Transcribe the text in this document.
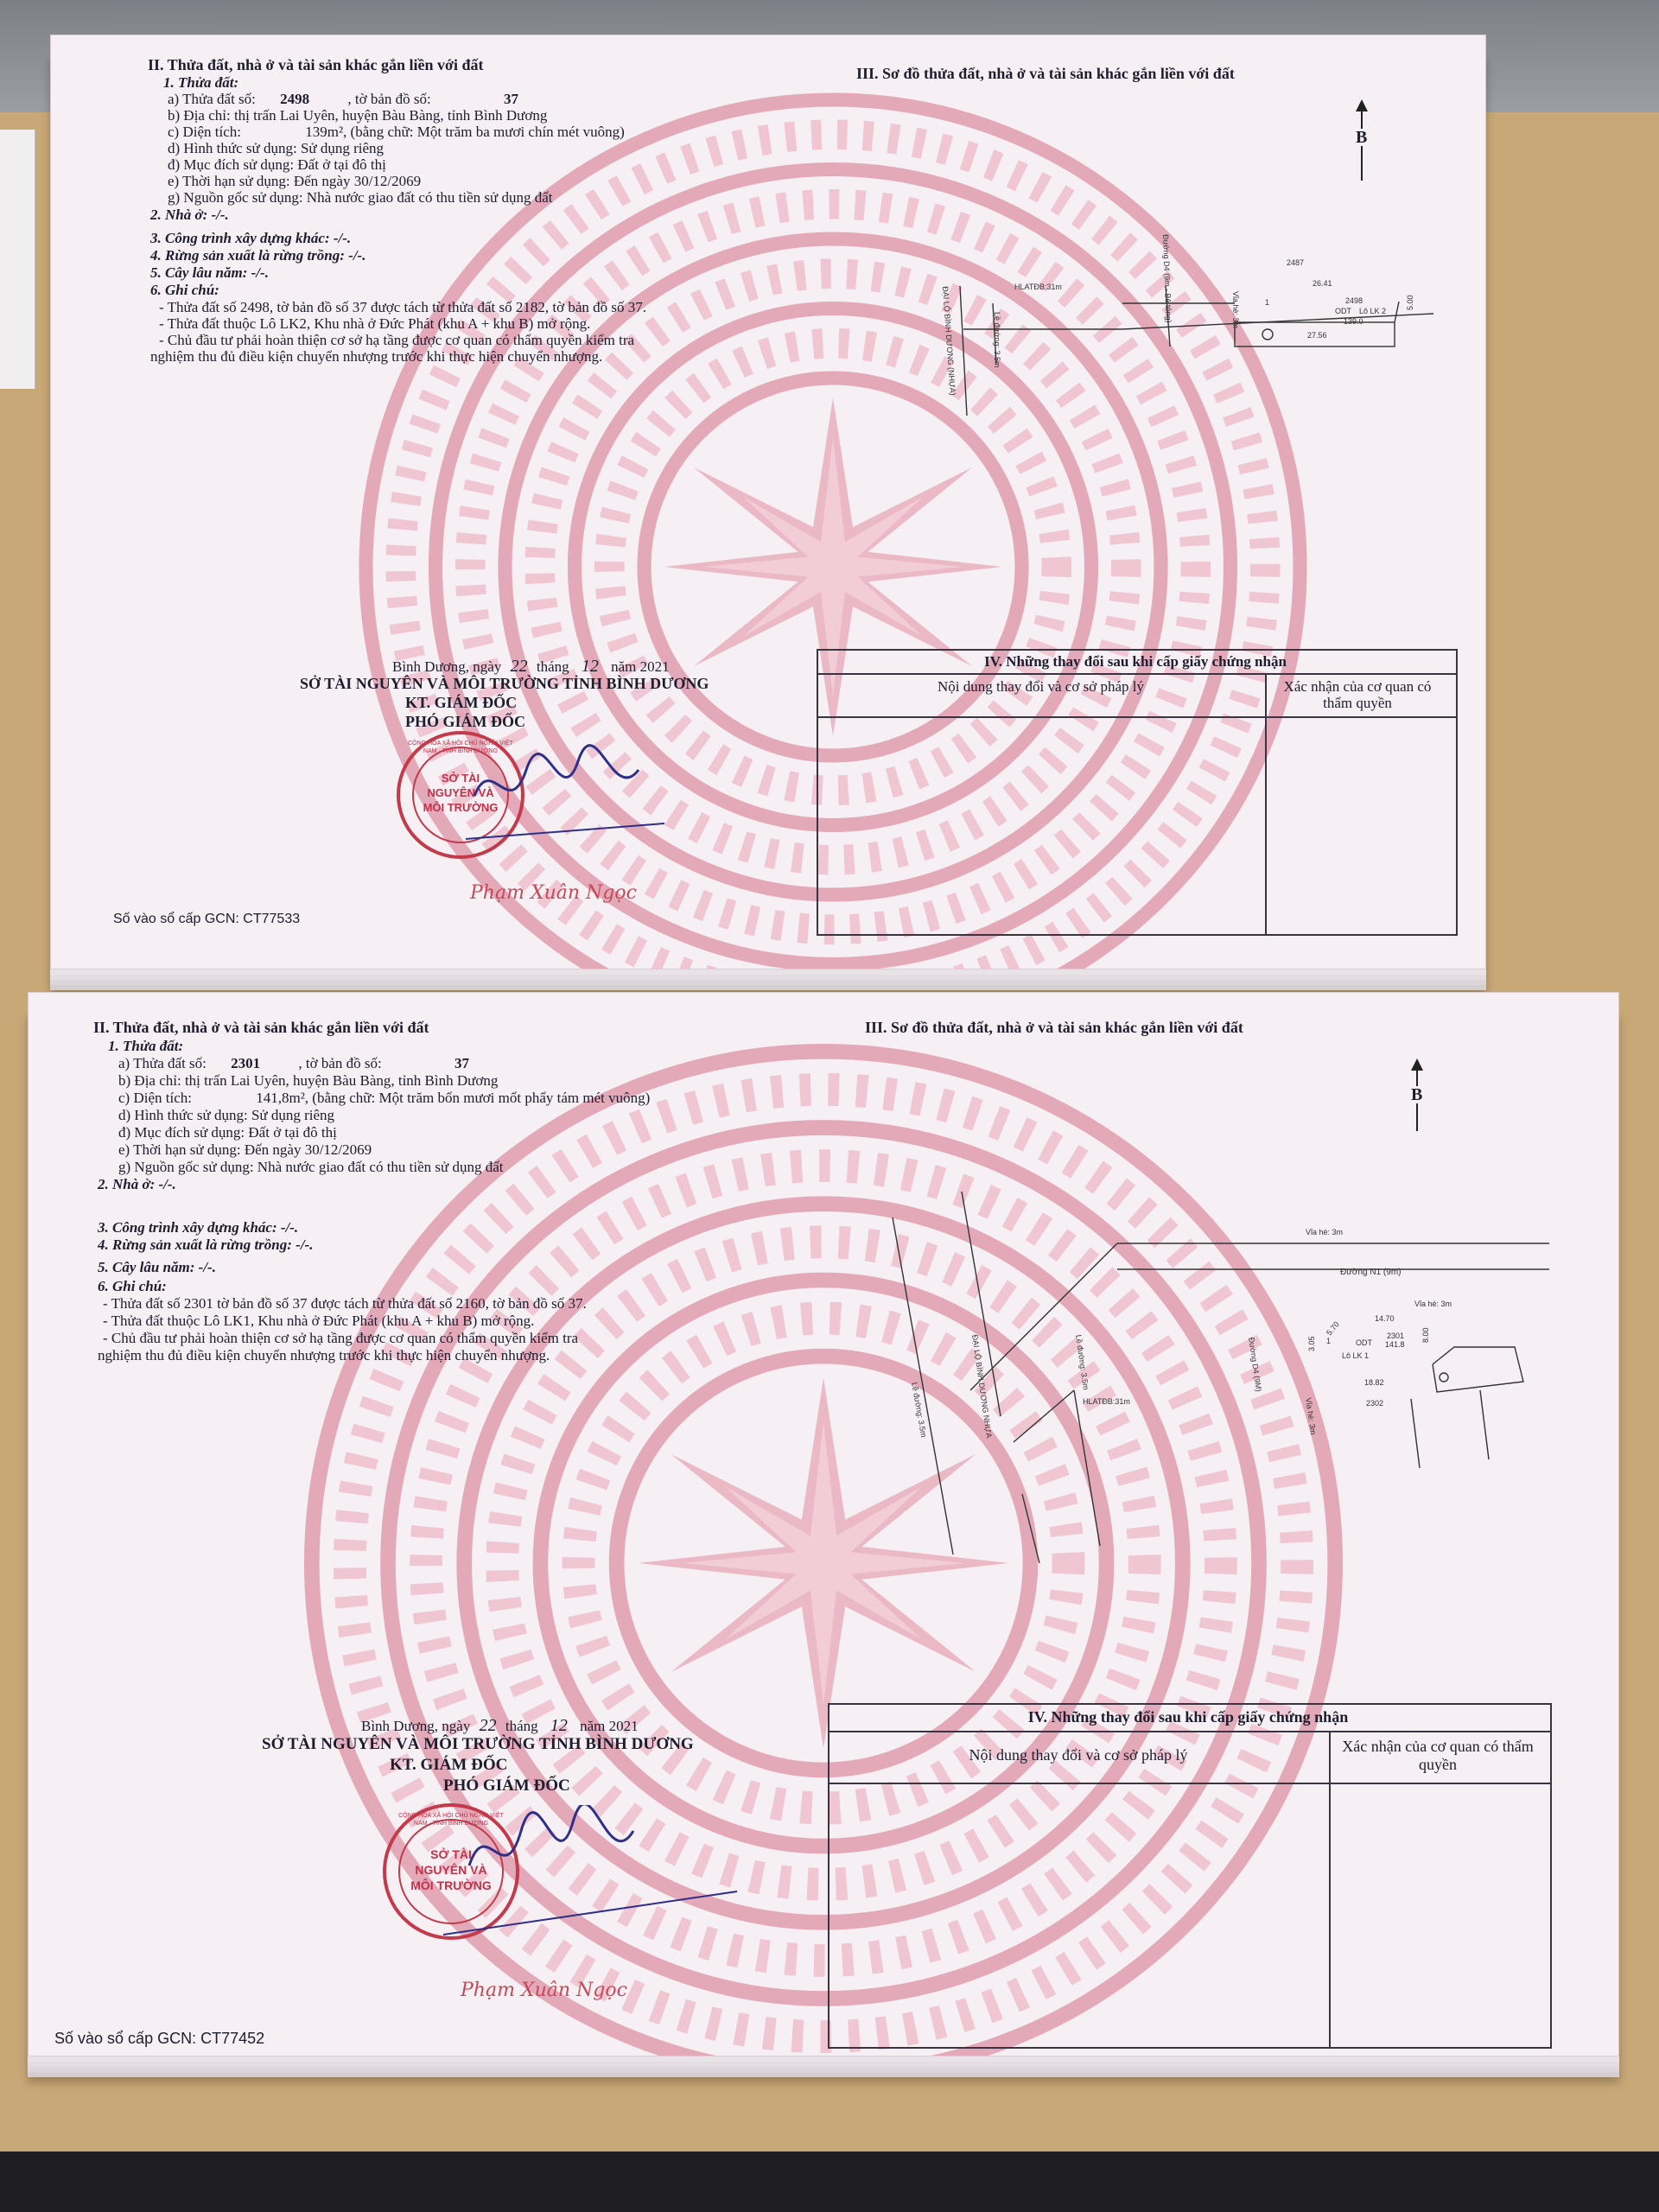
II. Thửa đất, nhà ở và tài sản khác gắn liền với đất
1. Thửa đất:
a) Thửa đất số: 2498	, tờ bản đồ số:	37
b) Địa chỉ: thị trấn Lai Uyên, huyện Bàu Bàng, tỉnh Bình Dương
c) Diện tích:	139m², (bằng chữ: Một trăm ba mươi chín mét vuông)
d) Hình thức sử dụng: Sử dụng riêng
đ) Mục đích sử dụng: Đất ở tại đô thị
e) Thời hạn sử dụng: Đến ngày 30/12/2069
g) Nguồn gốc sử dụng: Nhà nước giao đất có thu tiền sử dụng đất
2. Nhà ở: -/-.
3. Công trình xây dựng khác: -/-.
4. Rừng sản xuất là rừng trồng: -/-.
5. Cây lâu năm: -/-.
6. Ghi chú:
- Thửa đất số 2498, tờ bản đồ số 37 được tách từ thửa đất số 2182, tờ bản đồ số 37.
- Thửa đất thuộc Lô LK2, Khu nhà ở Đức Phát (khu A + khu B) mở rộng.
- Chủ đầu tư phải hoàn thiện cơ sở hạ tầng được cơ quan có thẩm quyền kiểm tra
nghiệm thu đủ điều kiện chuyển nhượng trước khi thực hiện chuyển nhượng.
III. Sơ đồ thửa đất, nhà ở và tài sản khác gắn liền với đất
B
ĐẠI LỘ BÌNH DƯƠNG (NHỰA)	HLATĐB:31m	Đường D4 (9m - Bê tông)	2487
26.41
2498
ODT Lô LK 2
139.0
5.00
27.56
Vỉa hè: 3m
Lề đường: 3.5m
1
Bình Dương, ngày 22 tháng 12 năm 2021
SỞ TÀI NGUYÊN VÀ MÔI TRƯỜNG TỈNH BÌNH DƯƠNG
KT. GIÁM ĐỐC
PHÓ GIÁM ĐỐC
CỘNG HÒA XÃ HỘI CHỦ NGHĨA VIỆT NAM · TỈNH BÌNH DƯƠNG
SỞ TÀI NGUYÊN VÀ MÔI TRƯỜNG
Phạm Xuân Ngọc
Số vào sổ cấp GCN: CT77533
IV. Những thay đổi sau khi cấp giấy chứng nhận
Nội dung thay đổi và cơ sở pháp lý	Xác nhận của cơ quan có thẩm quyền
II. Thửa đất, nhà ở và tài sản khác gắn liền với đất
1. Thửa đất:
a) Thửa đất số: 2301	, tờ bản đồ số:	37
b) Địa chỉ: thị trấn Lai Uyên, huyện Bàu Bàng, tỉnh Bình Dương
c) Diện tích:	141,8m², (bằng chữ: Một trăm bốn mươi mốt phẩy tám mét vuông)
d) Hình thức sử dụng: Sử dụng riêng
đ) Mục đích sử dụng: Đất ở tại đô thị
e) Thời hạn sử dụng: Đến ngày 30/12/2069
g) Nguồn gốc sử dụng: Nhà nước giao đất có thu tiền sử dụng đất
2. Nhà ở: -/-.
3. Công trình xây dựng khác: -/-.
4. Rừng sản xuất là rừng trồng: -/-.
5. Cây lâu năm: -/-.
6. Ghi chú:
- Thửa đất số 2301 tờ bản đồ số 37 được tách từ thửa đất số 2160, tờ bản đồ số 37.
- Thửa đất thuộc Lô LK1, Khu nhà ở Đức Phát (khu A + khu B) mở rộng.
- Chủ đầu tư phải hoàn thiện cơ sở hạ tầng được cơ quan có thẩm quyền kiểm tra
nghiệm thu đủ điều kiện chuyển nhượng trước khi thực hiện chuyển nhượng.
III. Sơ đồ thửa đất, nhà ở và tài sản khác gắn liền với đất
B
ĐẠI LỘ BÌNH DƯƠNG NHỰA
Lề đường: 3.5m
Lề đường: 3.5m
HLATĐB:31m
Vỉa hè: 3m
Đường N1 (9m)
Vỉa hè: 3m
14.70
5.70	2301
ODT 141.8
Lô LK 1
8.00
3.05
18.82
2302
Đường D4 (9M)
Vỉa hè: 3m
1
Bình Dương, ngày 22 tháng 12 năm 2021
SỞ TÀI NGUYÊN VÀ MÔI TRƯỜNG TỈNH BÌNH DƯƠNG
KT. GIÁM ĐỐC
PHÓ GIÁM ĐỐC
CỘNG HÒA XÃ HỘI CHỦ NGHĨA VIỆT NAM · TỈNH BÌNH DƯƠNG
SỞ TÀI NGUYÊN VÀ MÔI TRƯỜNG
Phạm Xuân Ngọc
Số vào sổ cấp GCN: CT77452
IV. Những thay đổi sau khi cấp giấy chứng nhận
Nội dung thay đổi và cơ sở pháp lý	Xác nhận của cơ quan có thẩm quyền
